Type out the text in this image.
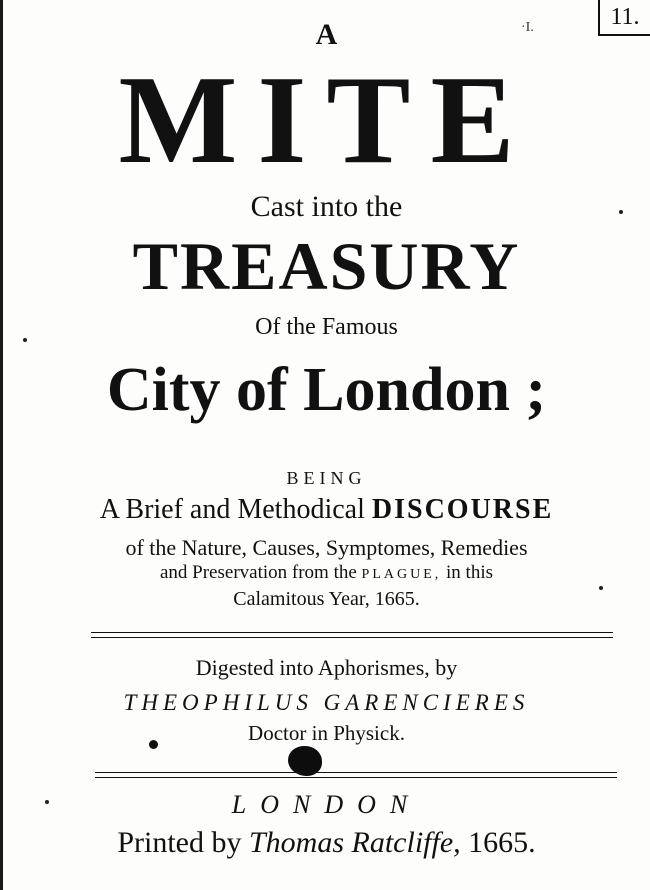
11.
·I.
A
MITE
Cast into the
TREASURY
Of the Famous
City of London ;
BEING
A Brief and Methodical DISCOURSE
of the Nature, Causes, Symptomes, Remedies
and Preservation from the PLAGUE, in this
Calamitous Year, 1665.
Digested into Aphorismes, by
THEOPHILUS GARENCIERES
Doctor in Physick.
LONDON
Printed by Thomas Ratcliffe, 1665.
